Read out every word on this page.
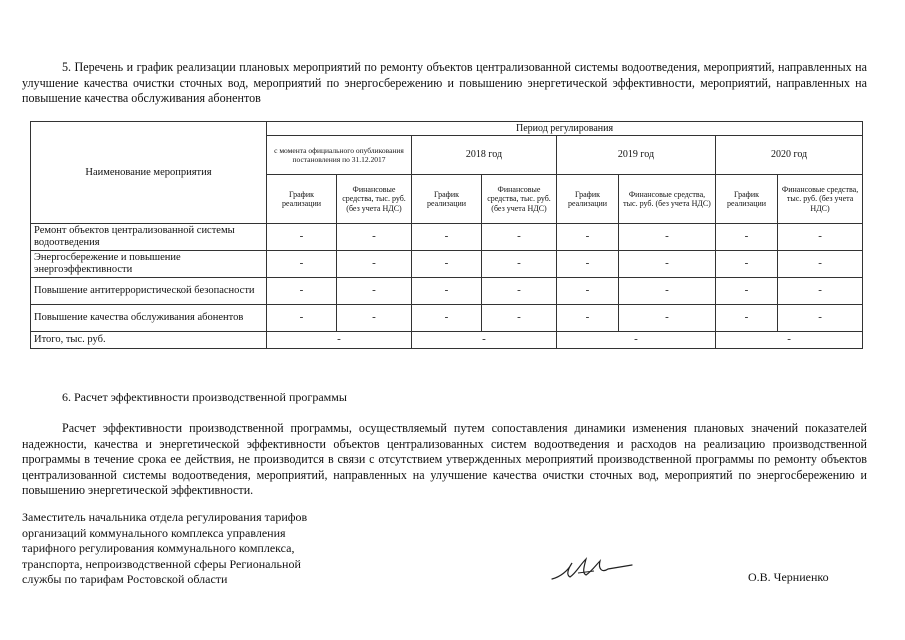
5. Перечень и график реализации плановых мероприятий по ремонту объектов централизованной системы водоотведения, мероприятий, направленных на улучшение качества очистки сточных вод, мероприятий по энергосбережению и повышению энергетической эффективности, мероприятий, направленных на повышение качества обслуживания абонентов

Наименование мероприятия	Период регулирования							
	с момента официального опубликования постановления по 31.12.2017		2018 год		2019 год		2020 год	
	График реализации	Финансовые средства, тыс. руб. (без учета НДС)	График реализации	Финансовые средства, тыс. руб. (без учета НДС)	График реализации	Финансовые средства, тыс. руб. (без учета НДС)	График реализации	Финансовые средства, тыс. руб. (без учета НДС)
Ремонт объектов централизованной системы водоотведения	-	-	-	-	-	-	-	-
Энергосбережение и повышение энергоэффективности	-	-	-	-	-	-	-	-
Повышение антитеррористической безопасности	-	-	-	-	-	-	-	-
Повышение качества обслуживания абонентов	-	-	-	-	-	-	-	-
Итого, тыс. руб.	-		-		-		-	
6. Расчет эффективности производственной программы

Расчет эффективности производственной программы, осуществляемый путем сопоставления динамики изменения плановых значений показателей надежности, качества и энергетической эффективности объектов централизованных систем водоотведения и расходов на реализацию производственной программы в течение срока ее действия, не производится в связи с отсутствием утвержденных мероприятий производственной программы по ремонту объектов централизованной системы водоотведения, мероприятий, направленных на улучшение качества очистки сточных вод, мероприятий по энергосбережению и повышению энергетической эффективности.

Заместитель начальника отдела регулирования тарифов
организаций коммунального комплекса управления
тарифного регулирования коммунального комплекса,
транспорта, непроизводственной сферы Региональной
службы по тарифам Ростовской области	О.В. Черниенко
